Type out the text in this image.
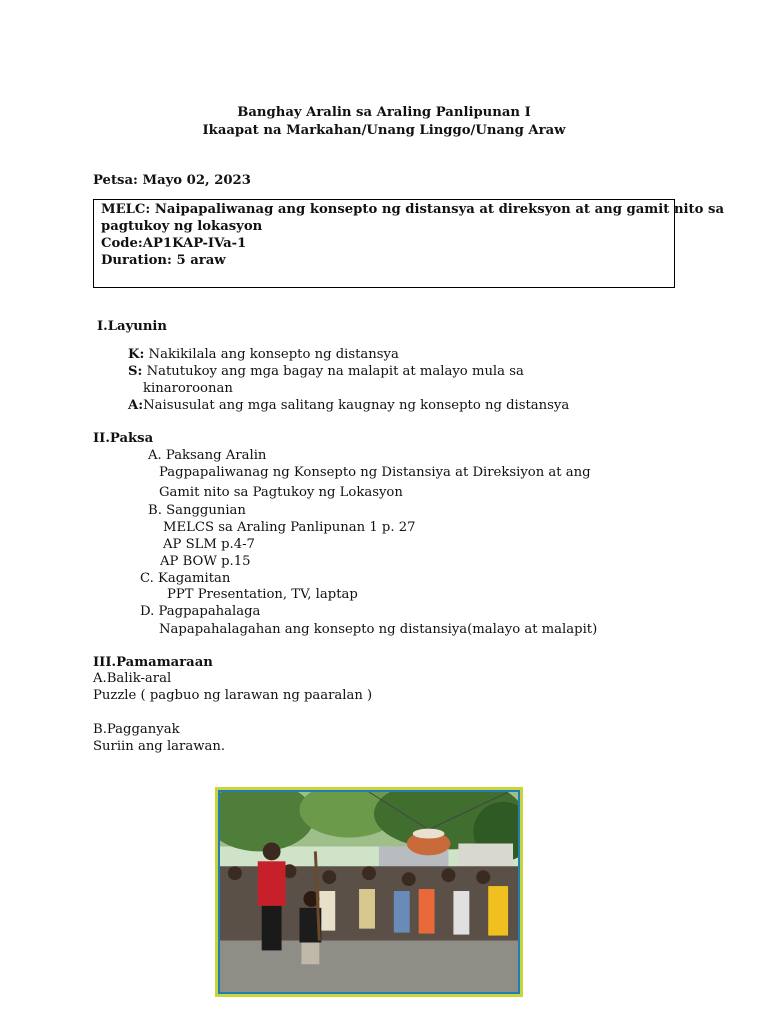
Banghay Aralin sa Araling Panlipunan I
Ikaapat na Markahan/Unang Linggo/Unang Araw
Petsa: Mayo 02, 2023
MELC: Naipapaliwanag ang konsepto ng distansya at direksyon at ang gamit nito sa
pagtukoy ng lokasyon
Code:AP1KAP-IVa-1
Duration: 5 araw
I.Layunin
K: Nakikilala ang konsepto ng distansya
S: Natutukoy ang mga bagay na malapit at malayo mula sa
kinaroroonan
A:Naisusulat ang mga salitang kaugnay ng konsepto ng distansya
II.Paksa
A. Paksang Aralin
Pagpapaliwanag ng Konsepto ng Distansiya at Direksiyon at ang
Gamit nito sa Pagtukoy ng Lokasyon
B. Sanggunian
MELCS sa Araling Panlipunan 1 p. 27
AP SLM p.4-7
AP BOW p.15
C. Kagamitan
PPT Presentation, TV, laptap
D. Pagpapahalaga
Napapahalagahan ang konsepto ng distansiya(malayo at malapit)
III.Pamamaraan
A.Balik-aral
Puzzle ( pagbuo ng larawan ng paaralan )
B.Pagganyak
Suriin ang larawan.
